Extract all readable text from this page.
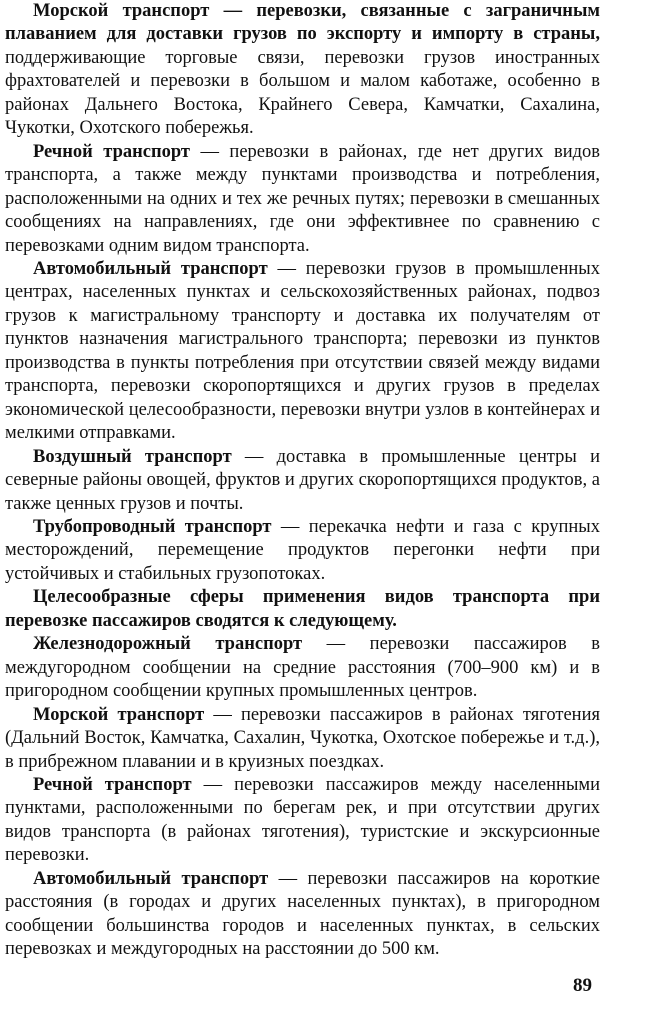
Морской транспорт — перевозки, связанные с заграничным плаванием для доставки грузов по экспорту и импорту в страны, поддерживающие торговые связи, перевозки грузов иностранных фрахтователей и перевозки в большом и малом каботаже, особенно в районах Дальнего Востока, Крайнего Севера, Камчатки, Сахалина, Чукотки, Охотского побережья.

Речной транспорт — перевозки в районах, где нет других видов транспорта, а также между пунктами производства и потребления, расположенными на одних и тех же речных путях; перевозки в смешанных сообщениях на направлениях, где они эффективнее по сравнению с перевозками одним видом транспорта.

Автомобильный транспорт — перевозки грузов в промышленных центрах, населенных пунктах и сельскохозяйственных районах, подвоз грузов к магистральному транспорту и доставка их получателям от пунктов назначения магистрального транспорта; перевозки из пунктов производства в пункты потребления при отсутствии связей между видами транспорта, перевозки скоропортящихся и других грузов в пределах экономической целесообразности, перевозки внутри узлов в контейнерах и мелкими отправками.

Воздушный транспорт — доставка в промышленные центры и северные районы овощей, фруктов и других скоропортящихся продуктов, а также ценных грузов и почты.

Трубопроводный транспорт — перекачка нефти и газа с крупных месторождений, перемещение продуктов перегонки нефти при устойчивых и стабильных грузопотоках.

Целесообразные сферы применения видов транспорта при перевозке пассажиров сводятся к следующему.

Железнодорожный транспорт — перевозки пассажиров в междугородном сообщении на средние расстояния (700–900 км) и в пригородном сообщении крупных промышленных центров.

Морской транспорт — перевозки пассажиров в районах тяготения (Дальний Восток, Камчатка, Сахалин, Чукотка, Охотское побережье и т.д.), в прибрежном плавании и в круизных поездках.

Речной транспорт — перевозки пассажиров между населенными пунктами, расположенными по берегам рек, и при отсутствии других видов транспорта (в районах тяготения), туристские и экскурсионные перевозки.

Автомобильный транспорт — перевозки пассажиров на короткие расстояния (в городах и других населенных пунктах), в пригородном сообщении большинства городов и населенных пунктах, в сельских перевозках и междугородных на расстоянии до 500 км.

89
